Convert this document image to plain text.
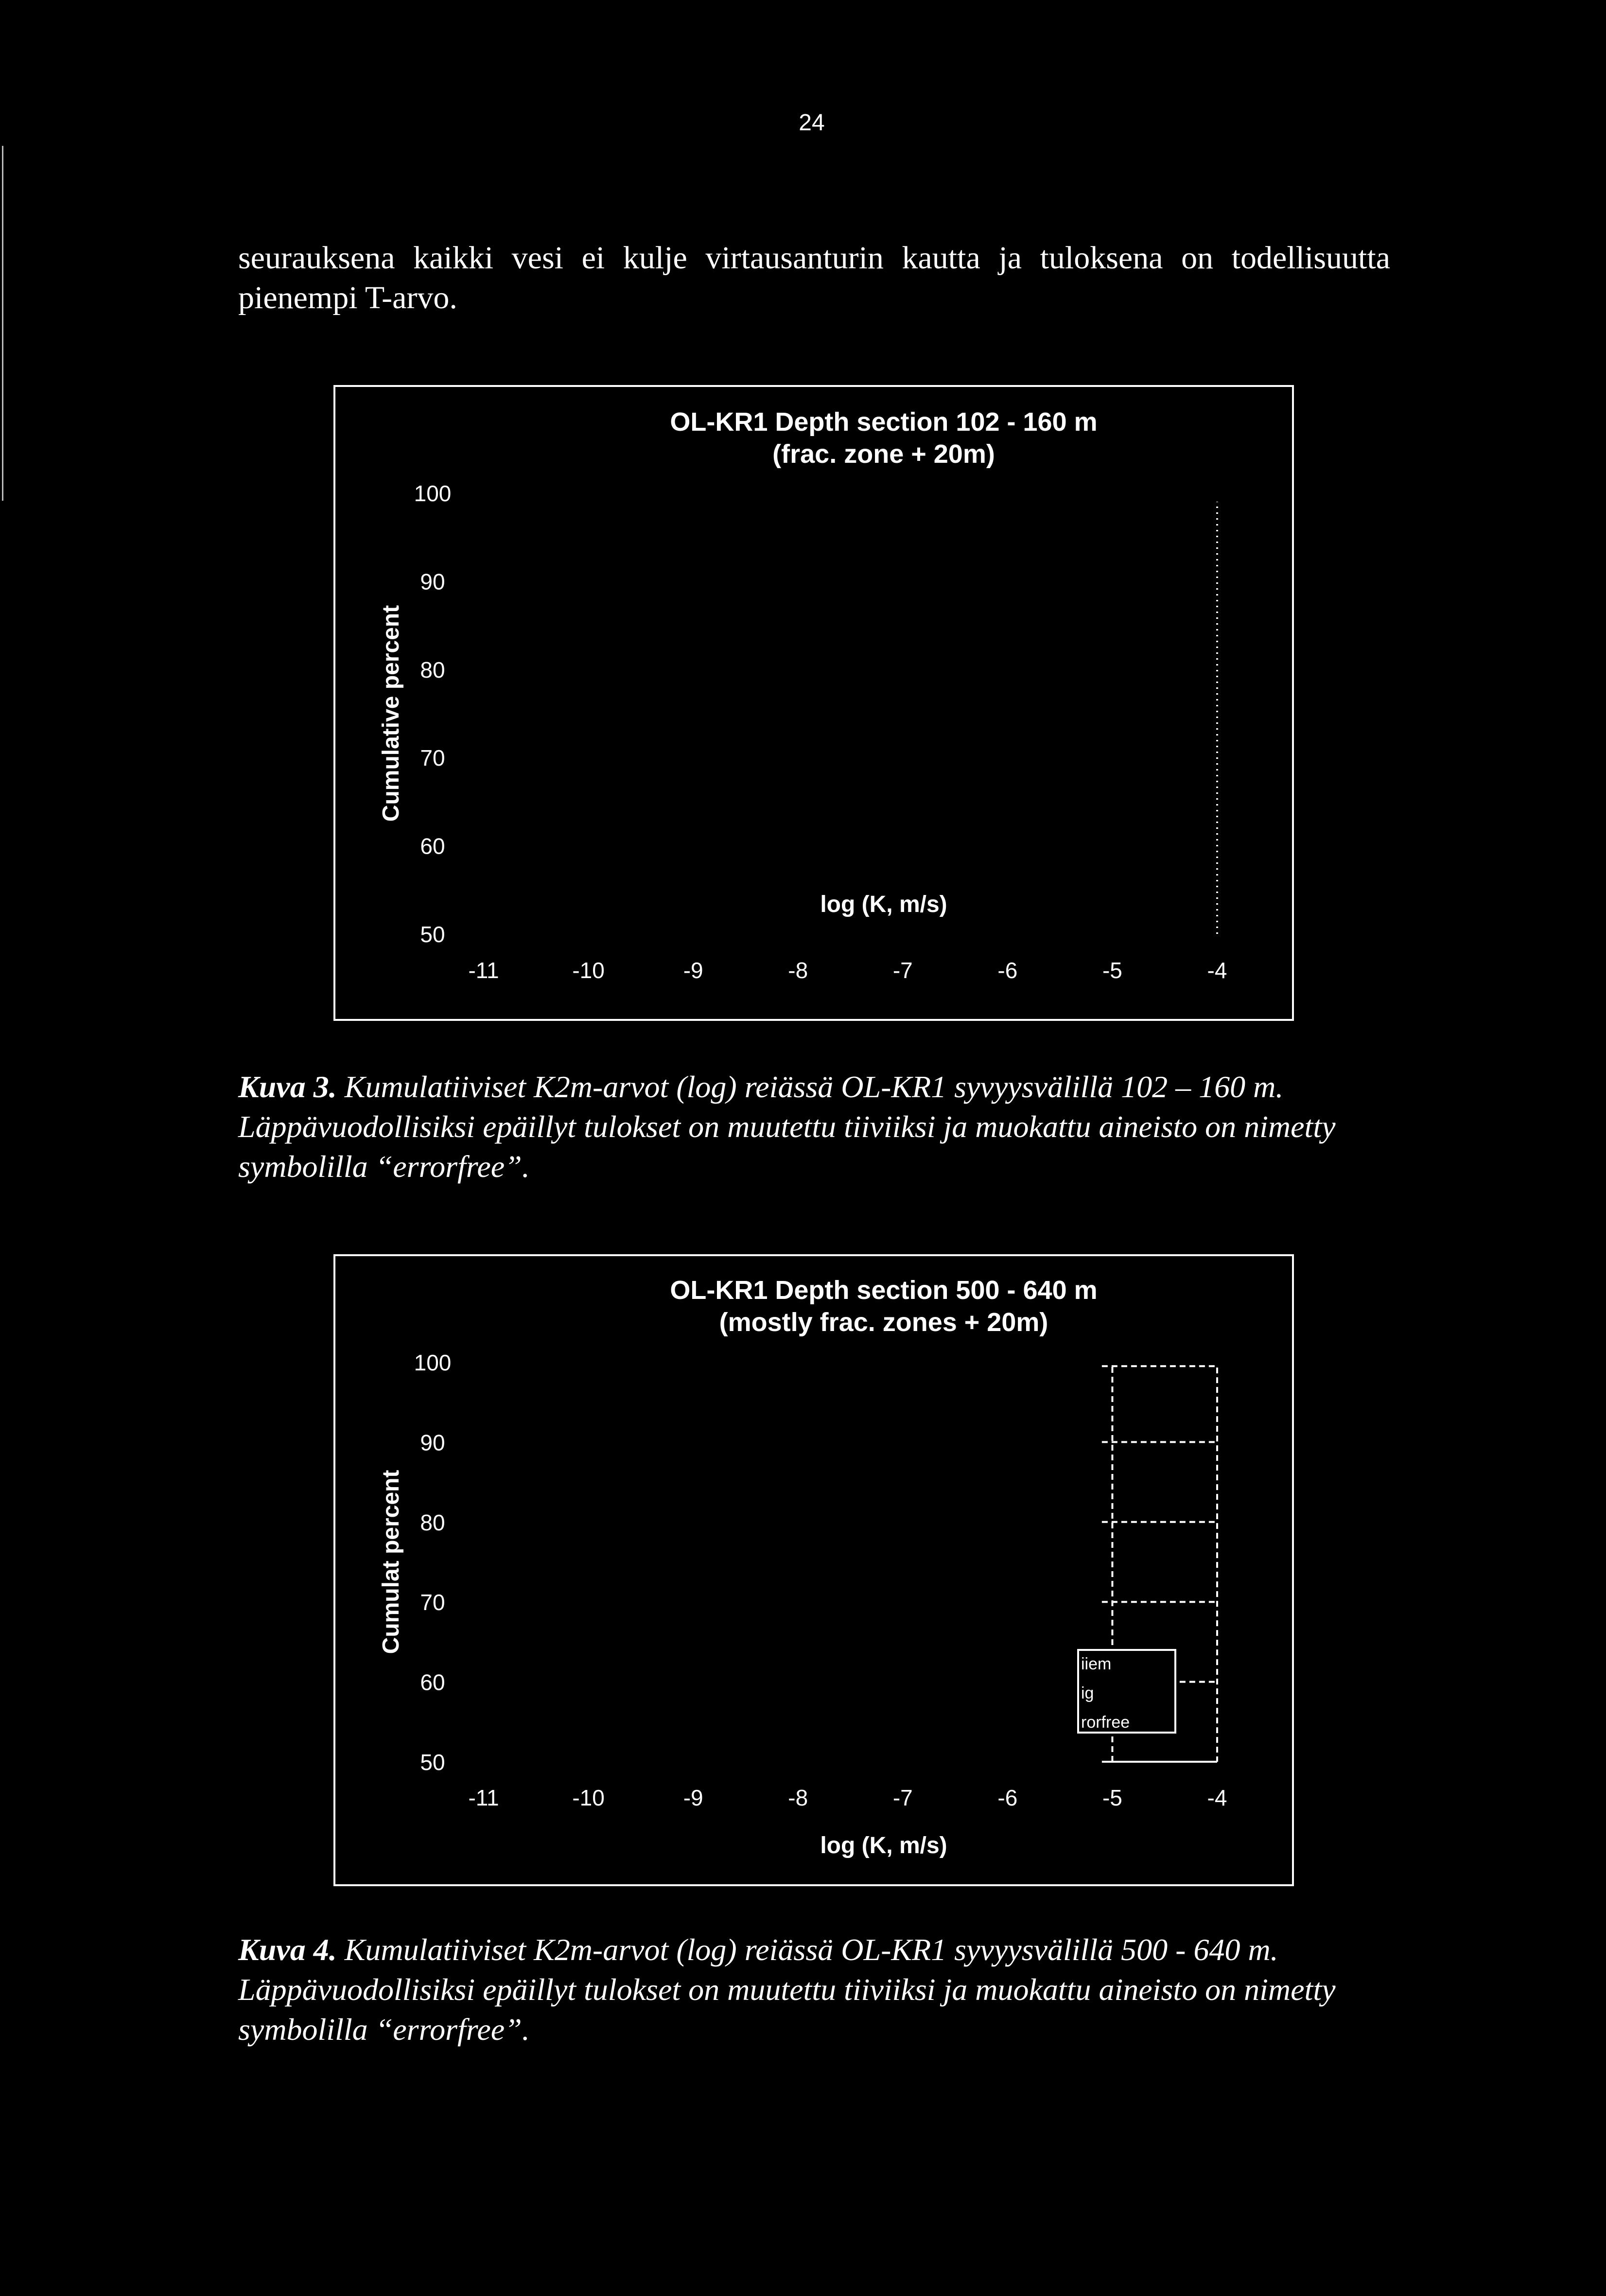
24
seurauksena kaikki vesi ei kulje virtausanturin kautta ja tuloksena on todellisuutta pienempi T-arvo.
OL-KR1 Depth section 102 - 160 m
(frac. zone + 20m)
100
90
80
70
60
50
-11	-10	-9	-8	-7	-6	-5	-4
log (K, m/s)
Cumulative percent
Kuva 3. Kumulatiiviset K2m-arvot (log) reiässä OL-KR1 syvyysvälillä 102 – 160 m. Läppävuodollisiksi epäillyt tulokset on muutettu tiiviiksi ja muokattu aineisto on nimetty symbolilla “errorfree”.
OL-KR1 Depth section 500 - 640 m
(mostly frac. zones + 20m)
100
90
80
70
60
50
-11	-10	-9	-8	-7	-6	-5	-4
log (K, m/s)
Cumulat percent
iiem
ig
rorfree
Kuva 4. Kumulatiiviset K2m-arvot (log) reiässä OL-KR1 syvyysvälillä 500 - 640 m. Läppävuodollisiksi epäillyt tulokset on muutettu tiiviiksi ja muokattu aineisto on nimetty symbolilla “errorfree”.
